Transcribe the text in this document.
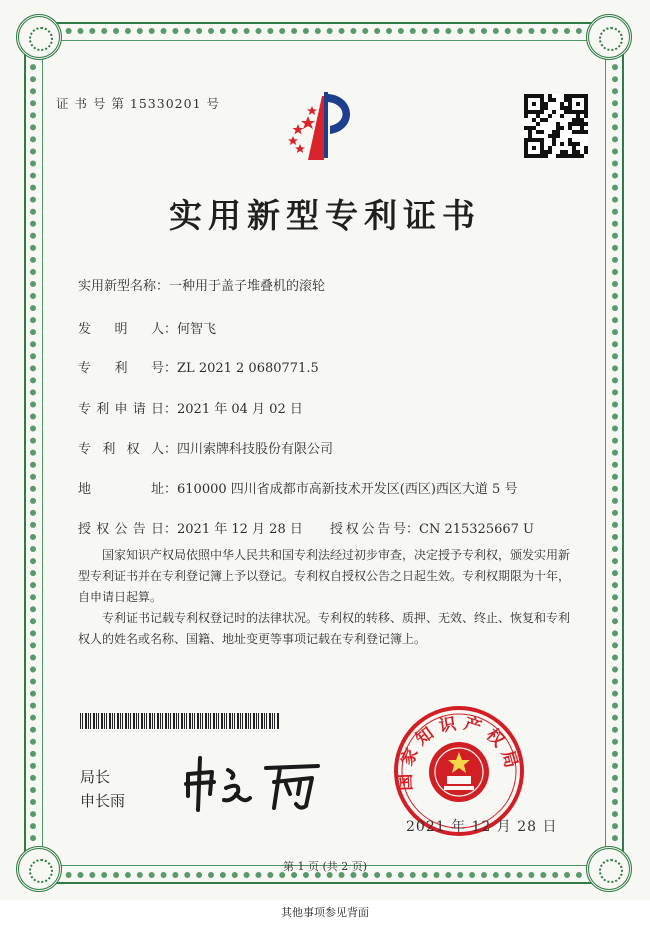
证 书 号 第 15330201 号
实用新型专利证书
实用新型名称：一种用于盖子堆叠机的滚轮
发 明 人：何智飞
专 利 号：ZL 2021 2 0680771.5
专利申请日：2021 年 04 月 02 日
专 利 权 人：四川索牌科技股份有限公司
地 址：610000 四川省成都市高新技术开发区(西区)西区大道 5 号
授权公告日：2021 年 12 月 28 日 授权公告号：CN 215325667 U
国家知识产权局依照中华人民共和国专利法经过初步审查，决定授予专利权，颁发实用新型专利证书并在专利登记簿上予以登记。专利权自授权公告之日起生效。专利权期限为十年，自申请日起算。
专利证书记载专利权登记时的法律状况。专利权的转移、质押、无效、终止、恢复和专利权人的姓名或名称、国籍、地址变更等事项记载在专利登记簿上。
局长
申长雨
国家知识产权局
2021 年 12 月 28 日
第 1 页 (共 2 页)
其他事项参见背面
